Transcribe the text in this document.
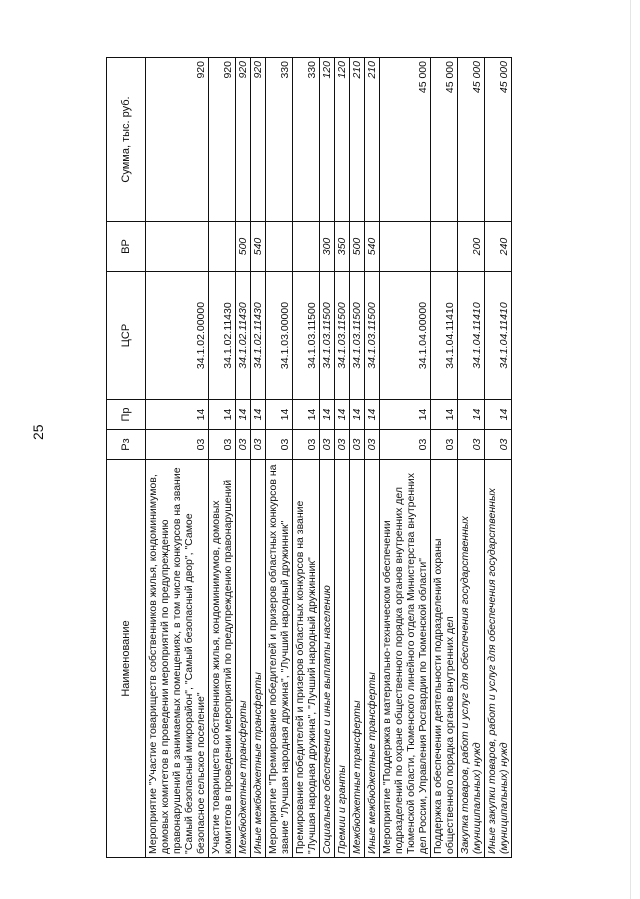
25
Наименование	Рз	Пр	ЦСР	ВР	Сумма, тыс. руб.
Мероприятие "Участие товариществ собственников жилья, кондоминимумов, домовых комитетов в проведении мероприятий по предупреждению правонарушений в занимаемых помещениях, в том числе конкурсов на звание "Самый безопасный микрорайон", "Самый безопасный двор", "Самое безопасное сельское поселение"	03	14	34.1.02.00000		920
Участие товариществ собственников жилья, кондоминимумов, домовых комитетов в проведении мероприятий по предупреждению правонарушений	03	14	34.1.02.11430		920
Межбюджетные трансферты	03	14	34.1.02.11430	500	920
Иные межбюджетные трансферты	03	14	34.1.02.11430	540	920
Мероприятие "Премирование победителей и призеров областных конкурсов на звание "Лучшая народная дружина", "Лучший народный дружинник"	03	14	34.1.03.00000		330
Премирование победителей и призеров областных конкурсов на звание "Лучшая народная дружина", "Лучший народный дружинник"	03	14	34.1.03.11500		330
Социальное обеспечение и иные выплаты населению	03	14	34.1.03.11500	300	120
Премии и гранты	03	14	34.1.03.11500	350	120
Межбюджетные трансферты	03	14	34.1.03.11500	500	210
Иные межбюджетные трансферты	03	14	34.1.03.11500	540	210
Мероприятие "Поддержка в материально-техническом обеспечении подразделений по охране общественного порядка органов внутренних дел Тюменской области, Тюменского линейного отдела Министерства внутренних дел России, Управления Росгвардии по Тюменской области"	03	14	34.1.04.00000		45 000
Поддержка в обеспечении деятельности подразделений охраны общественного порядка органов внутренних дел	03	14	34.1.04.11410		45 000
Закупка товаров, работ и услуг для обеспечения государственных (муниципальных) нужд	03	14	34.1.04.11410	200	45 000
Иные закупки товаров, работ и услуг для обеспечения государственных (муниципальных) нужд	03	14	34.1.04.11410	240	45 000
